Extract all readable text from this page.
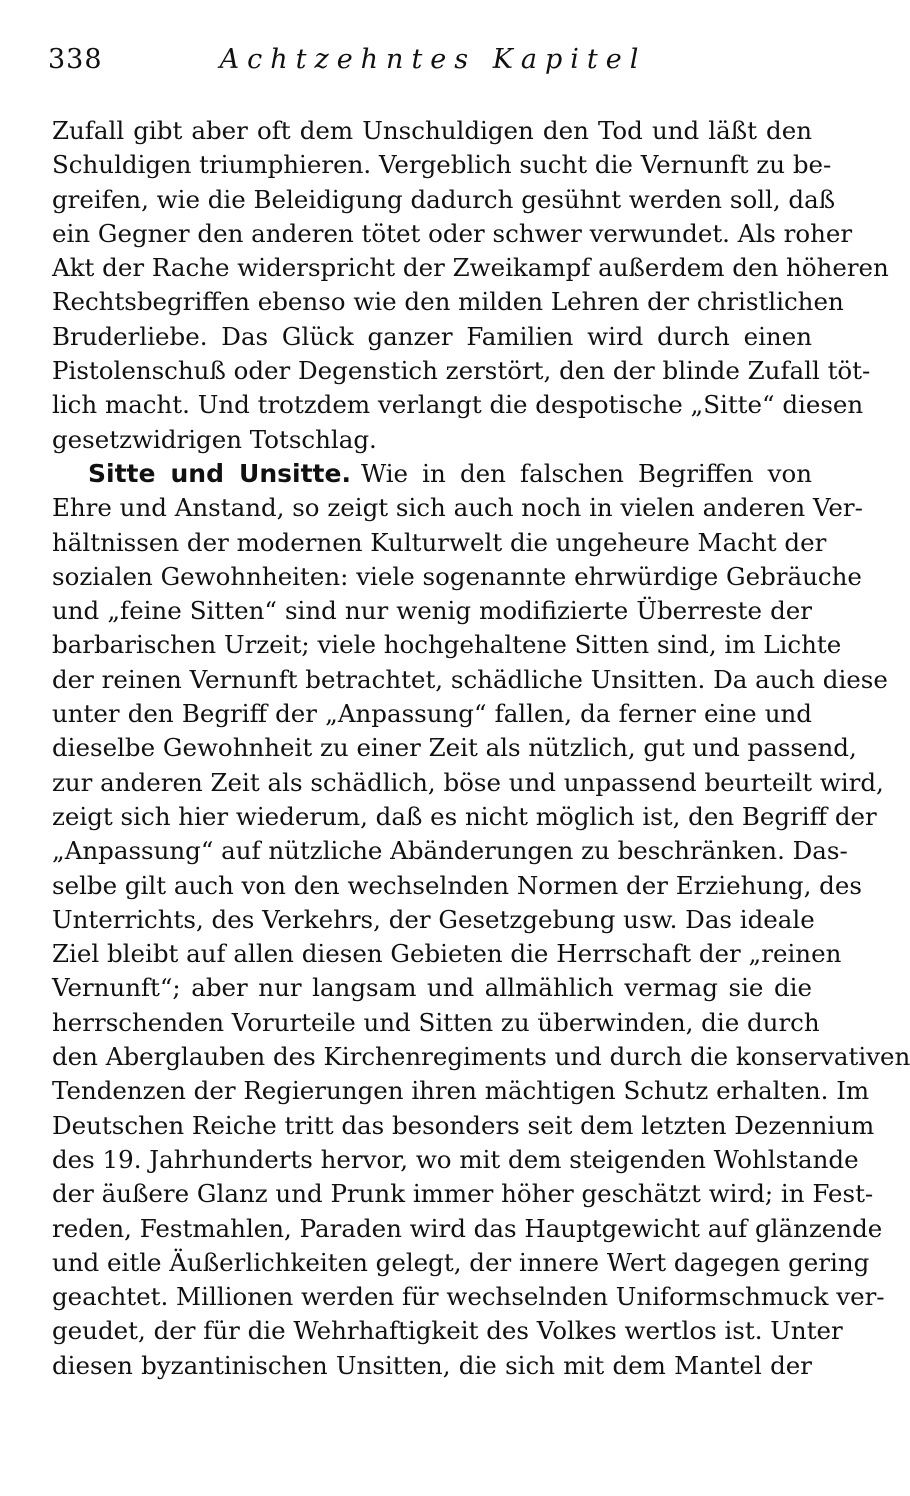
338	Achtzehntes Kapitel
Zufall gibt aber oft dem Unschuldigen den Tod und läßt den
Schuldigen triumphieren. Vergeblich sucht die Vernunft zu be-
greifen, wie die Beleidigung dadurch gesühnt werden soll, daß
ein Gegner den anderen tötet oder schwer verwundet. Als roher
Akt der Rache widerspricht der Zweikampf außerdem den höheren
Rechtsbegriffen ebenso wie den milden Lehren der christlichen
Bruderliebe. Das Glück ganzer Familien wird durch einen
Pistolenschuß oder Degenstich zerstört, den der blinde Zufall töt-
lich macht. Und trotzdem verlangt die despotische „Sitte“ diesen
gesetzwidrigen Totschlag.
Sitte und Unsitte. Wie in den falschen Begriffen von
Ehre und Anstand, so zeigt sich auch noch in vielen anderen Ver-
hältnissen der modernen Kulturwelt die ungeheure Macht der
sozialen Gewohnheiten: viele sogenannte ehrwürdige Gebräuche
und „feine Sitten“ sind nur wenig modifizierte Überreste der
barbarischen Urzeit; viele hochgehaltene Sitten sind, im Lichte
der reinen Vernunft betrachtet, schädliche Unsitten. Da auch diese
unter den Begriff der „Anpassung“ fallen, da ferner eine und
dieselbe Gewohnheit zu einer Zeit als nützlich, gut und passend,
zur anderen Zeit als schädlich, böse und unpassend beurteilt wird,
zeigt sich hier wiederum, daß es nicht möglich ist, den Begriff der
„Anpassung“ auf nützliche Abänderungen zu beschränken. Das-
selbe gilt auch von den wechselnden Normen der Erziehung, des
Unterrichts, des Verkehrs, der Gesetzgebung usw. Das ideale
Ziel bleibt auf allen diesen Gebieten die Herrschaft der „reinen
Vernunft“; aber nur langsam und allmählich vermag sie die
herrschenden Vorurteile und Sitten zu überwinden, die durch
den Aberglauben des Kirchenregiments und durch die konservativen
Tendenzen der Regierungen ihren mächtigen Schutz erhalten. Im
Deutschen Reiche tritt das besonders seit dem letzten Dezennium
des 19. Jahrhunderts hervor, wo mit dem steigenden Wohlstande
der äußere Glanz und Prunk immer höher geschätzt wird; in Fest-
reden, Festmahlen, Paraden wird das Hauptgewicht auf glänzende
und eitle Äußerlichkeiten gelegt, der innere Wert dagegen gering
geachtet. Millionen werden für wechselnden Uniformschmuck ver-
geudet, der für die Wehrhaftigkeit des Volkes wertlos ist. Unter
diesen byzantinischen Unsitten, die sich mit dem Mantel der
